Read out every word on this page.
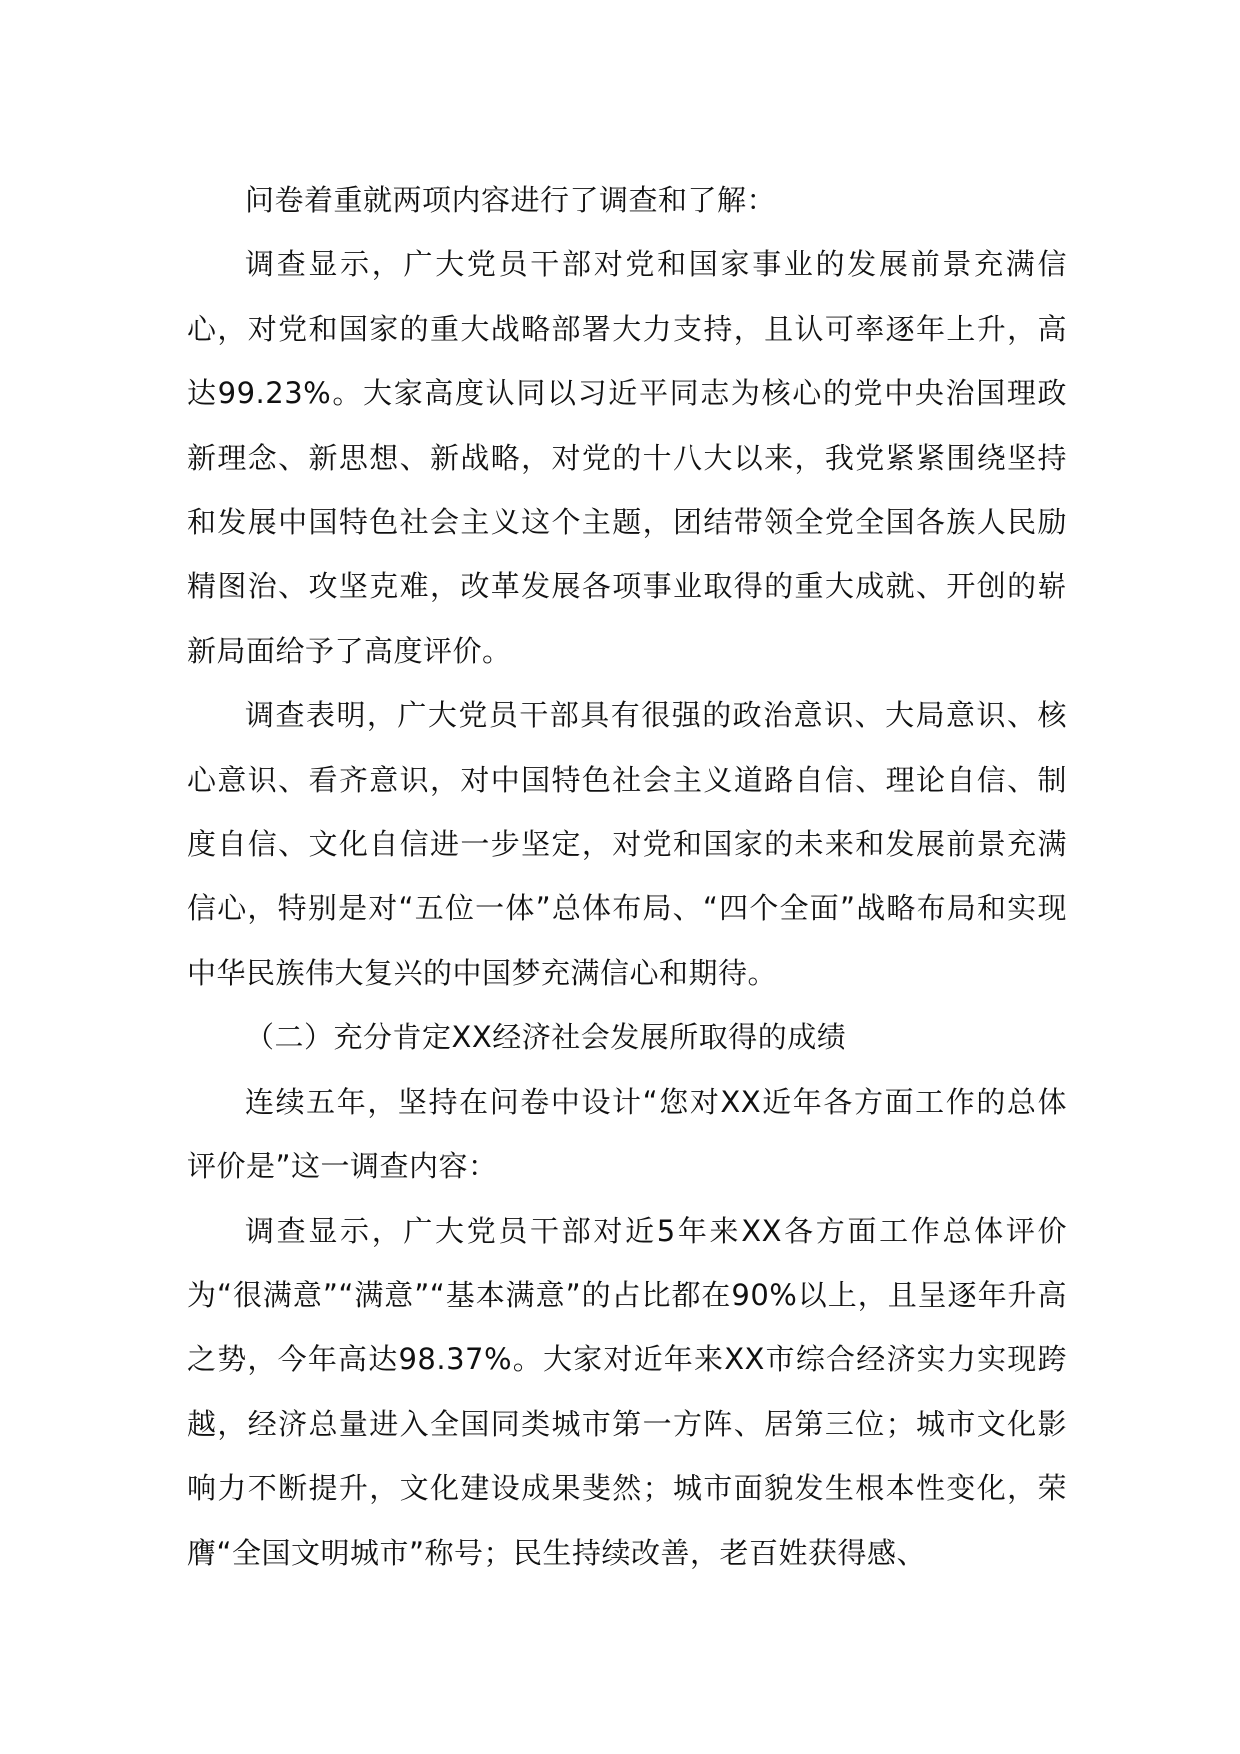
问卷着重就两项内容进行了调查和了解：

调查显示，广大党员干部对党和国家事业的发展前景充满信心，对党和国家的重大战略部署大力支持，且认可率逐年上升，高达99.23%。大家高度认同以习近平同志为核心的党中央治国理政新理念、新思想、新战略，对党的十八大以来，我党紧紧围绕坚持和发展中国特色社会主义这个主题，团结带领全党全国各族人民励精图治、攻坚克难，改革发展各项事业取得的重大成就、开创的崭新局面给予了高度评价。

调查表明，广大党员干部具有很强的政治意识、大局意识、核心意识、看齐意识，对中国特色社会主义道路自信、理论自信、制度自信、文化自信进一步坚定，对党和国家的未来和发展前景充满信心，特别是对“五位一体”总体布局、“四个全面”战略布局和实现中华民族伟大复兴的中国梦充满信心和期待。

（二）充分肯定XX经济社会发展所取得的成绩

连续五年，坚持在问卷中设计“您对XX近年各方面工作的总体评价是”这一调查内容：

调查显示，广大党员干部对近5年来XX各方面工作总体评价为“很满意”“满意”“基本满意”的占比都在90%以上，且呈逐年升高之势，今年高达98.37%。大家对近年来XX市综合经济实力实现跨越，经济总量进入全国同类城市第一方阵、居第三位；城市文化影响力不断提升，文化建设成果斐然；城市面貌发生根本性变化，荣膺“全国文明城市”称号；民生持续改善，老百姓获得感、
